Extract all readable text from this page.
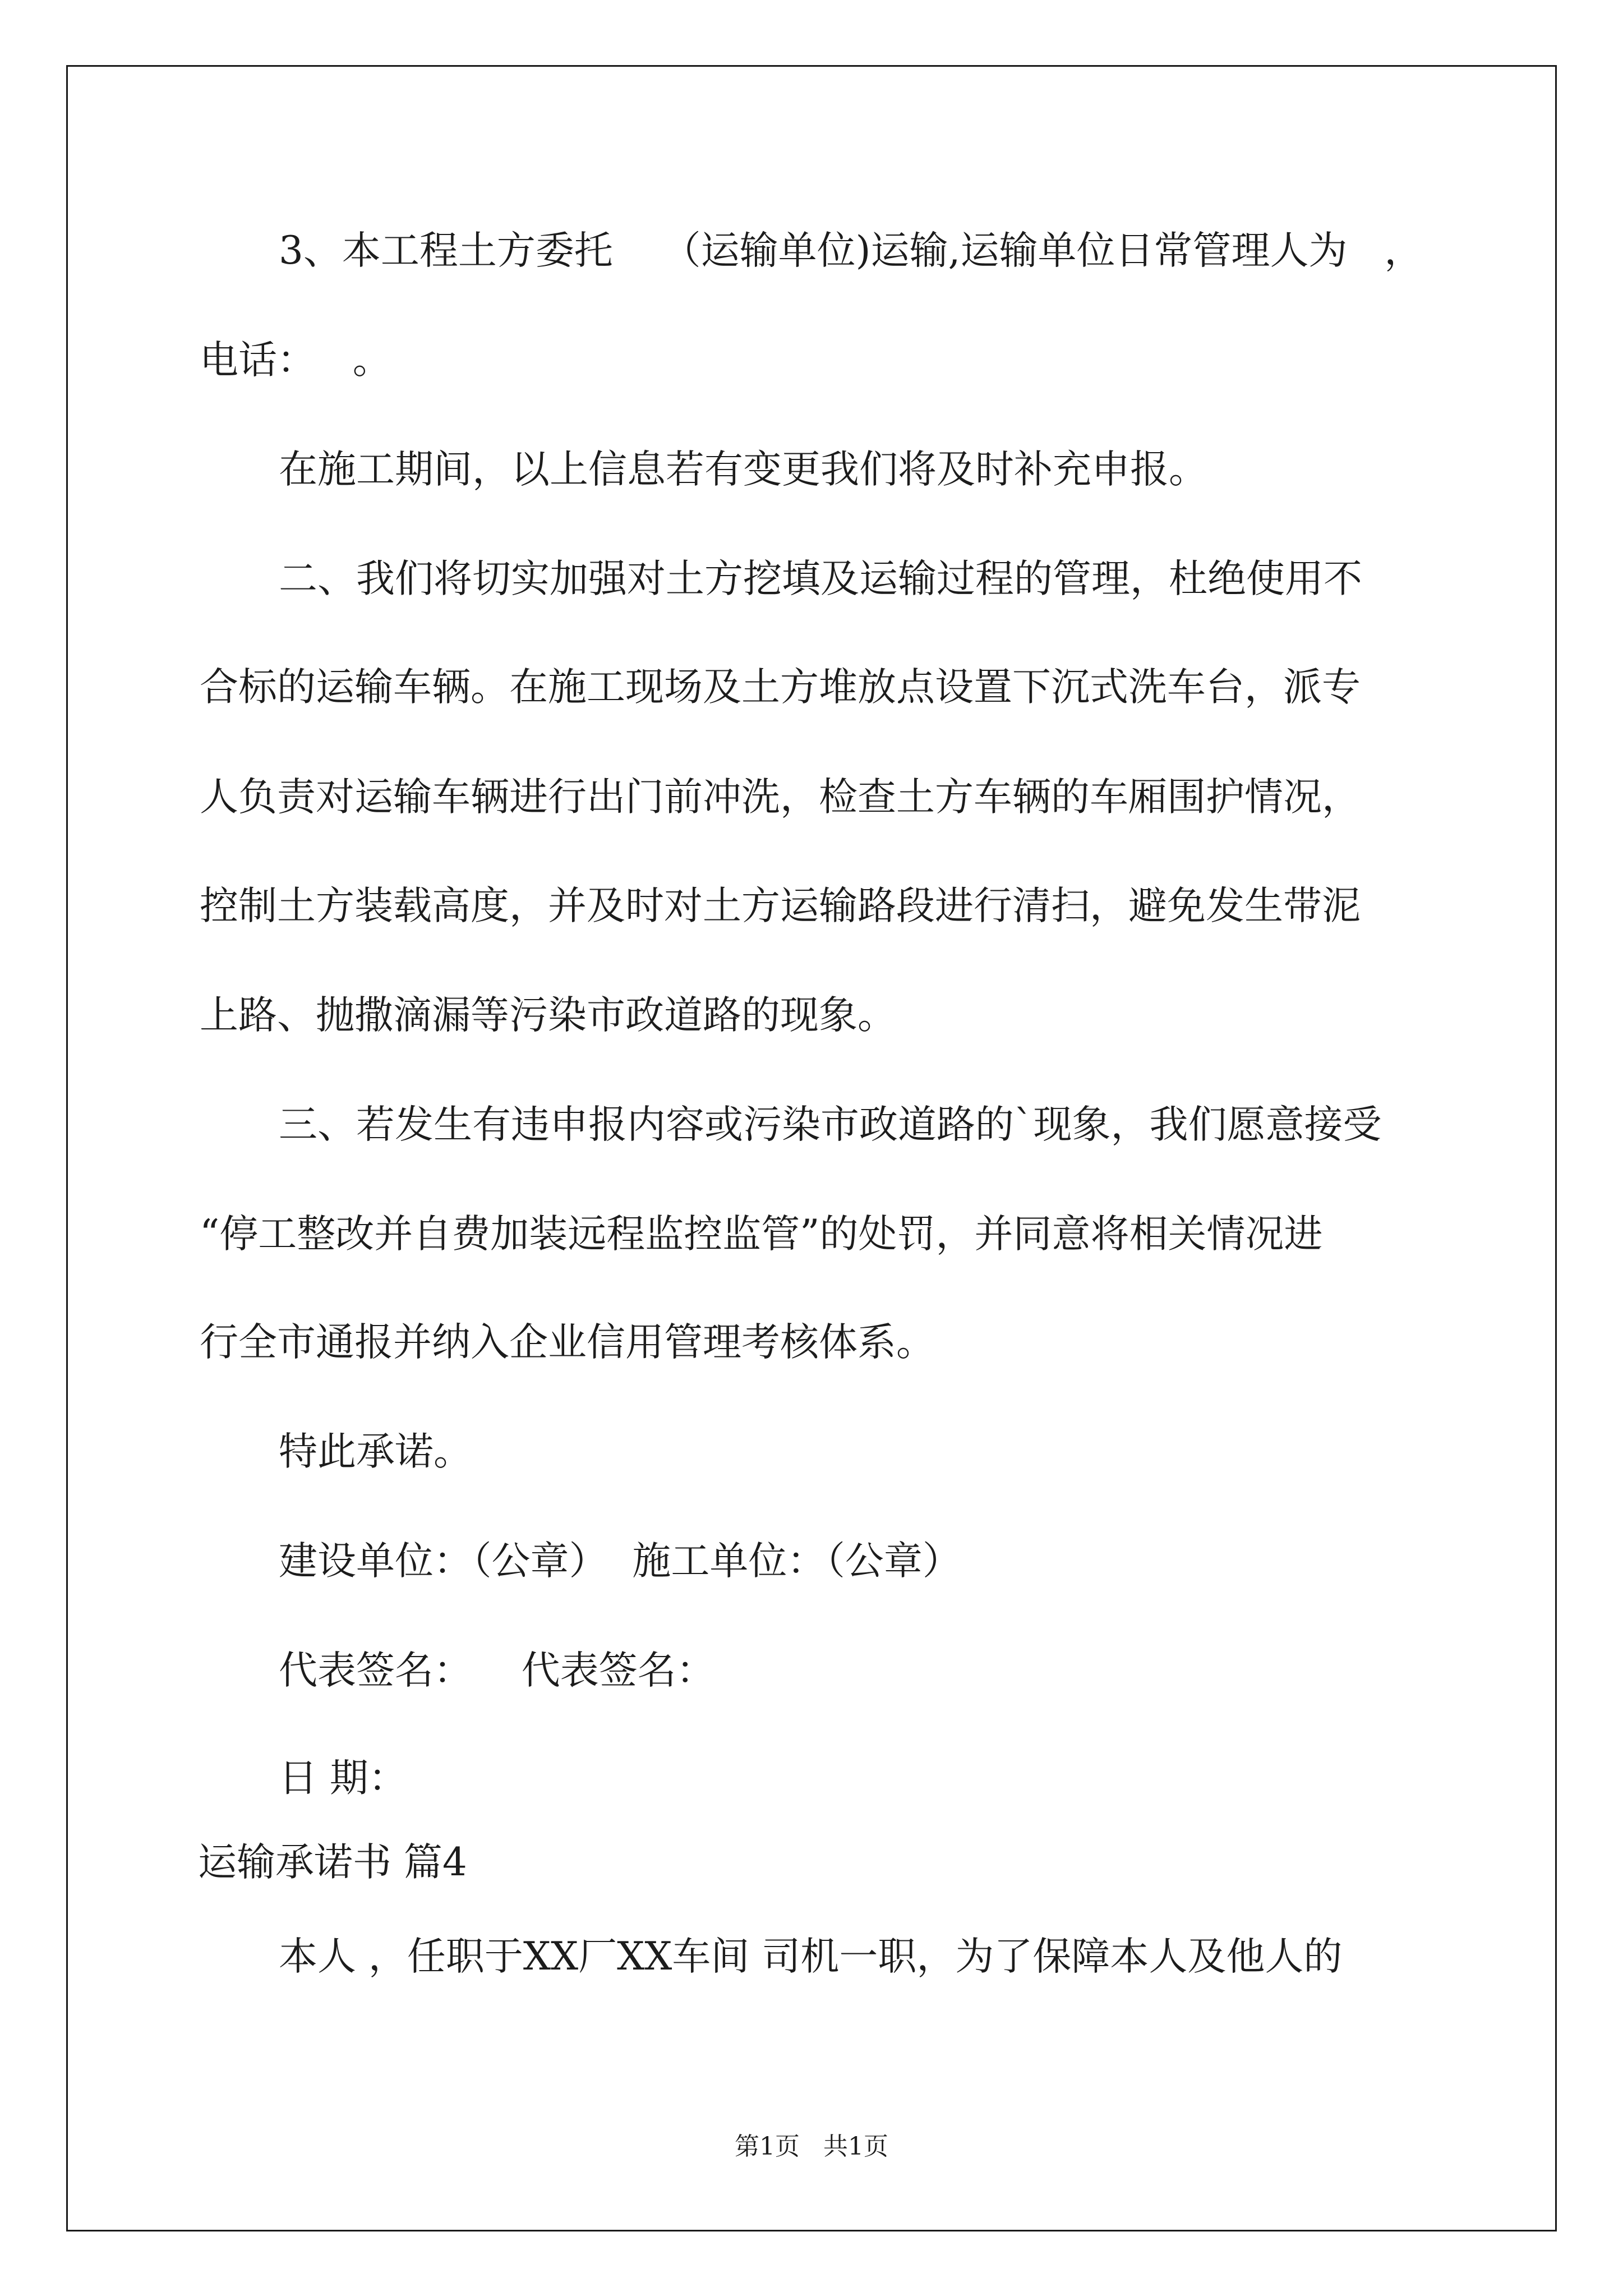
3、本工程土方委托    （运输单位)运输,运输单位日常管理人为   ，

电话：   。

在施工期间，以上信息若有变更我们将及时补充申报。

二、我们将切实加强对土方挖填及运输过程的管理，杜绝使用不

合标的运输车辆。在施工现场及土方堆放点设置下沉式洗车台，派专

人负责对运输车辆进行出门前冲洗，检查土方车辆的车厢围护情况，

控制土方装载高度，并及时对土方运输路段进行清扫，避免发生带泥

上路、抛撒滴漏等污染市政道路的现象。

三、若发生有违申报内容或污染市政道路的`现象，我们愿意接受

“停工整改并自费加装远程监控监管”的处罚，并同意将相关情况进

行全市通报并纳入企业信用管理考核体系。

特此承诺。

建设单位：（公章）  施工单位：（公章）

代表签名：    代表签名：

日 期：

运输承诺书 篇4

本人 ，任职于XX厂XX车间 司机一职，为了保障本人及他人的

第1页   共1页
